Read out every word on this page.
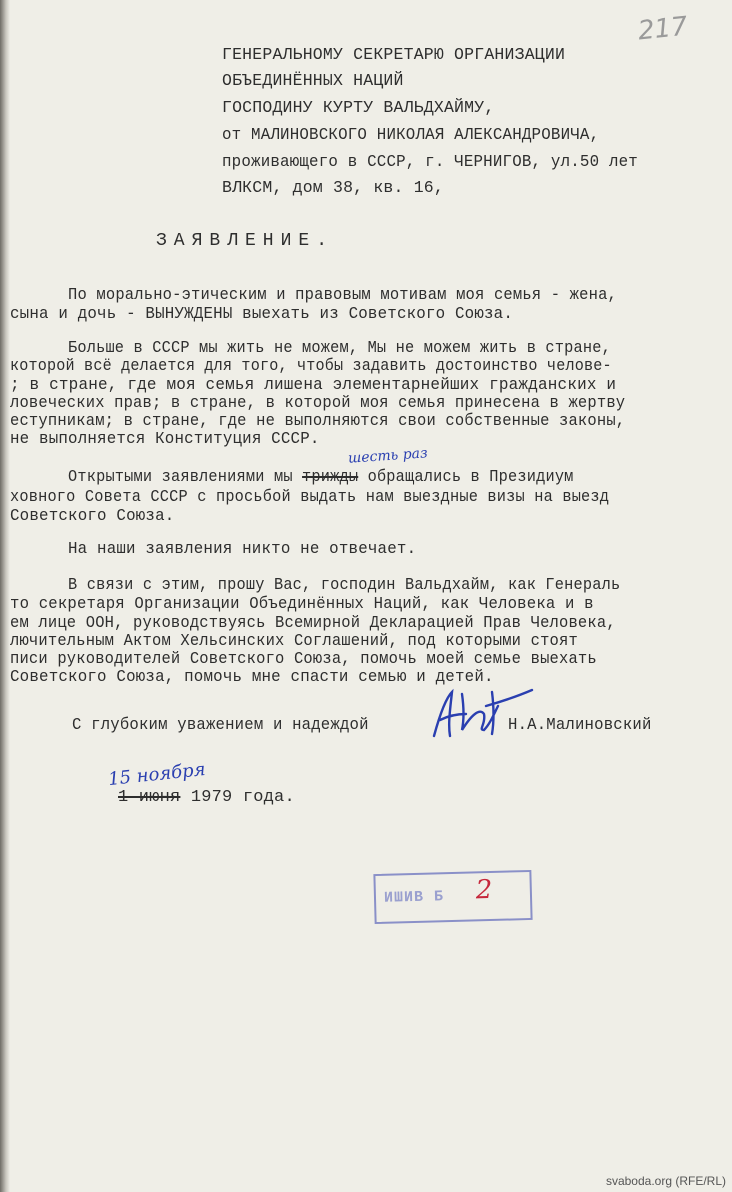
217
ГЕНЕРАЛЬНОМУ СЕКРЕТАРЮ ОРГАНИЗАЦИИ
ОБЪЕДИНЁННЫХ НАЦИЙ
ГОСПОДИНУ КУРТУ ВАЛЬДХАЙМУ,
от МАЛИНОВСКОГО НИКОЛАЯ АЛЕКСАНДРОВИЧА,
проживающего в СССР, г. ЧЕРНИГОВ, ул.50 лет
ВЛКСМ, дом 38, кв. 16,
ЗАЯВЛЕНИЕ.
По морально-этическим и правовым мотивам моя семья - жена,
сына и дочь - ВЫНУЖДЕНЫ выехать из Советского Союза.
Больше в СССР мы жить не можем, Мы не можем жить в стране,
которой всё делается для того, чтобы задавить достоинство челове-
; в стране, где моя семья лишена элементарнейших гражданских и
ловеческих прав; в стране, в которой моя семья принесена в жертву
еступникам; в стране, где не выполняются свои собственные законы,
не выполняется Конституция СССР.
Открытыми заявлениями мы трижды обращались в Президиум
ховного Совета СССР с просьбой выдать нам выездные визы на выезд
Советского Союза.
шесть раз
На наши заявления никто не отвечает.
В связи с этим, прошу Вас, господин Вальдхайм, как Генераль
то секретаря Организации Объединённых Наций, как Человека и в
ем лице ООН, руководствуясь Всемирной Декларацией Прав Человека,
лючительным Актом Хельсинских Соглашений, под которыми стоят
писи руководителей Советского Союза, помочь моей семье выехать
Советского Союза, помочь мне спасти семью и детей.
С глубоким уважением и надеждой	Н.А.Малиновский
15 ноября
1 июня 1979 года.
ИШИВ Б 2
svaboda.org (RFE/RL)
